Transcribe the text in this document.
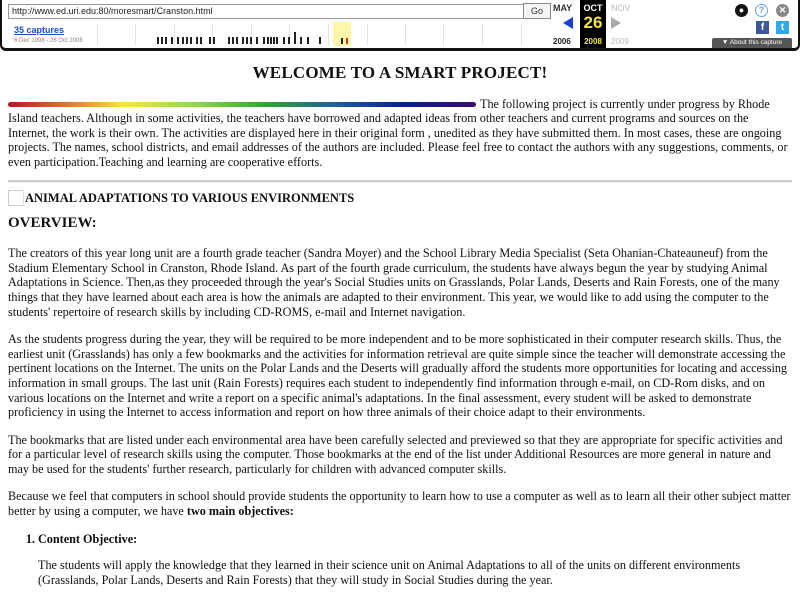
http://www.ed.uri.edu:80/moresmart/Cranston.html	Go
35 captures
6 Dec 1998 - 26 Oct 2008
MAY
2006
OCT
26
2008
NOV
2009
●	?	✕
f	t
▼ About this capture
WELCOME TO A SMART PROJECT!

The following project is currently under progress by Rhode Island teachers. Although in some activities, the teachers have borrowed and adapted ideas from other teachers and current programs and sources on the Internet, the work is their own. The activities are displayed here in their original form , unedited as they have submitted them. In most cases, these are ongoing projects. The names, school districts, and email addresses of the authors are included. Please feel free to contact the authors with any suggestions, comments, or even participation.Teaching and learning are cooperative efforts.

ANIMAL ADAPTATIONS TO VARIOUS ENVIRONMENTS
OVERVIEW:

The creators of this year long unit are a fourth grade teacher (Sandra Moyer) and the School Library Media Specialist (Seta Ohanian-Chateauneuf) from the Stadium Elementary School in Cranston, Rhode Island. As part of the fourth grade curriculum, the students have always begun the year by studying Animal Adaptations in Science. Then,as they proceeded through the year's Social Studies units on Grasslands, Polar Lands, Deserts and Rain Forests, one of the many things that they have learned about each area is how the animals are adapted to their environment. This year, we would like to add using the computer to the students' repertoire of research skills by including CD-ROMS, e-mail and Internet navigation.

As the students progress during the year, they will be required to be more independent and to be more sophisticated in their computer research skills. Thus, the earliest unit (Grasslands) has only a few bookmarks and the activities for information retrieval are quite simple since the teacher will demonstrate accessing the pertinent locations on the Internet. The units on the Polar Lands and the Deserts will gradually afford the students more opportunities for locating and accessing information in small groups. The last unit (Rain Forests) requires each student to independently find information through e-mail, on CD-Rom disks, and on various locations on the Internet and write a report on a specific animal's adaptations. In the final assessment, every student will be asked to demonstrate proficiency in using the Internet to access information and report on how three animals of their choice adapt to their environments.

The bookmarks that are listed under each environmental area have been carefully selected and previewed so that they are appropriate for specific activities and for a particular level of research skills using the computer. Those bookmarks at the end of the list under Additional Resources are more general in nature and may be used for the students' further research, particularly for children with advanced computer skills.

Because we feel that computers in school should provide students the opportunity to learn how to use a computer as well as to learn all their other subject matter better by using a computer, we have two main objectives:

1. Content Objective:

The students will apply the knowledge that they learned in their science unit on Animal Adaptations to all of the units on different environments (Grasslands, Polar Lands, Deserts and Rain Forests) that they will study in Social Studies during the year.
